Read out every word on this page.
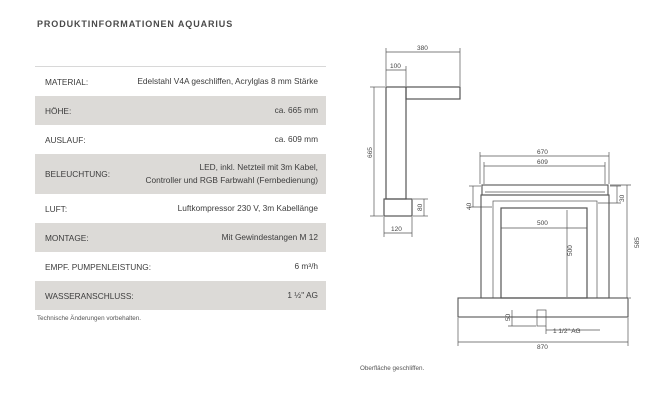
PRODUKTINFORMATIONEN AQUARIUS
MATERIAL:	Edelstahl V4A geschliffen, Acrylglas 8 mm Stärke
HÖHE:	ca. 665 mm
AUSLAUF:	ca. 609 mm
BELEUCHTUNG:
LED, inkl. Netzteil mit 3m Kabel,
Controller und RGB Farbwahl (Fernbedienung)
LUFT:	Luftkompressor 230 V, 3m Kabellänge
MONTAGE:	Mit Gewindestangen M 12
EMPF. PUMPENLEISTUNG:	6 m³/h
WASSERANSCHLUSS:	1 ½" AG
Technische Änderungen vorbehalten.
380
100
665
80
120
670
609
40
30
500
500
585
50
1 1/2" AG
870
Oberfläche geschliffen.
